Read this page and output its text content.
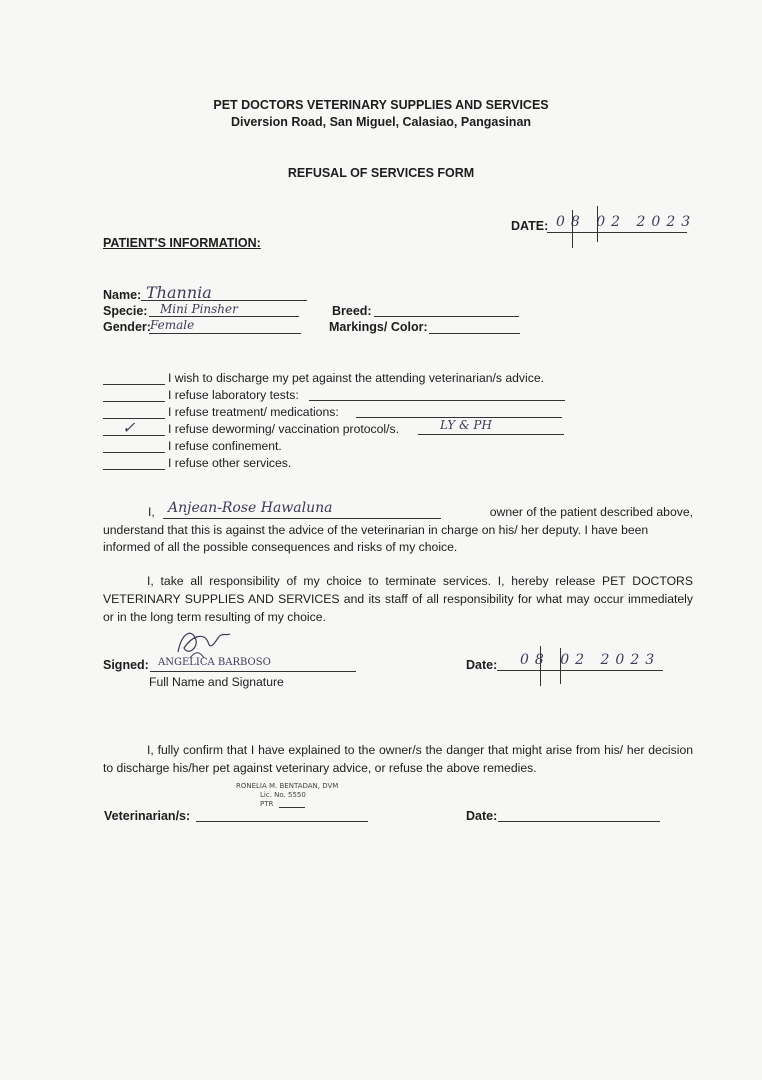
PET DOCTORS VETERINARY SUPPLIES AND SERVICES
Diversion Road, San Miguel, Calasiao, Pangasinan
REFUSAL OF SERVICES FORM
DATE: 08 02 2023
PATIENT'S INFORMATION:
Name: Thannia
Specie: Mini Pinsher
Gender: Female
Breed:
Markings/ Color:
I wish to discharge my pet against the attending veterinarian/s advice.
I refuse laboratory tests:
I refuse treatment/ medications:
✓	I refuse deworming/ vaccination protocol/s.	LY & PH
I refuse confinement.
I refuse other services.
I, Anjean-Rose Hawaluna	owner of the patient described above,
understand that this is against the advice of the veterinarian in charge on his/ her deputy. I have been
informed of all the possible consequences and risks of my choice.
I, take all responsibility of my choice to terminate services. I, hereby release PET DOCTORS VETERINARY SUPPLIES AND SERVICES and its staff of all responsibility for what may occur immediately or in the long term resulting of my choice.
Signed: ANGELICA BARBOSO
Full Name and Signature
Date: 08 02 2023
I, fully confirm that I have explained to the owner/s the danger that might arise from his/ her decision to discharge his/her pet against veterinary advice, or refuse the above remedies.
RONELIA M. BENTADAN, DVM
Lic. No. 5550
PTR
Veterinarian/s:	Date:
